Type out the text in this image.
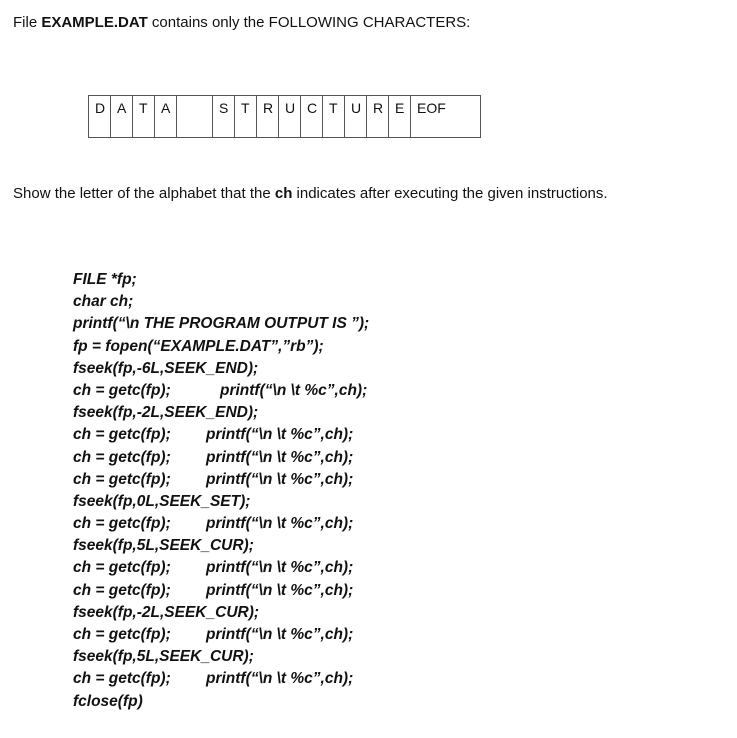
File EXAMPLE.DAT contains only the FOLLOWING CHARACTERS:
D	A	T	A		S	T	R	U	C	T	U	R	E	EOF
Show the letter of the alphabet that the ch indicates after executing the given instructions.
FILE *fp;
char ch;
printf(“\n THE PROGRAM OUTPUT IS ”);
fp = fopen(“EXAMPLE.DAT”,”rb”);
fseek(fp,-6L,SEEK_END);
ch = getc(fp);	printf(“\n \t %c”,ch);
fseek(fp,-2L,SEEK_END);
ch = getc(fp); printf(“\n \t %c”,ch);
ch = getc(fp); printf(“\n \t %c”,ch);
ch = getc(fp); printf(“\n \t %c”,ch);
fseek(fp,0L,SEEK_SET);
ch = getc(fp); printf(“\n \t %c”,ch);
fseek(fp,5L,SEEK_CUR);
ch = getc(fp); printf(“\n \t %c”,ch);
ch = getc(fp); printf(“\n \t %c”,ch);
fseek(fp,-2L,SEEK_CUR);
ch = getc(fp); printf(“\n \t %c”,ch);
fseek(fp,5L,SEEK_CUR);
ch = getc(fp); printf(“\n \t %c”,ch);
fclose(fp)
